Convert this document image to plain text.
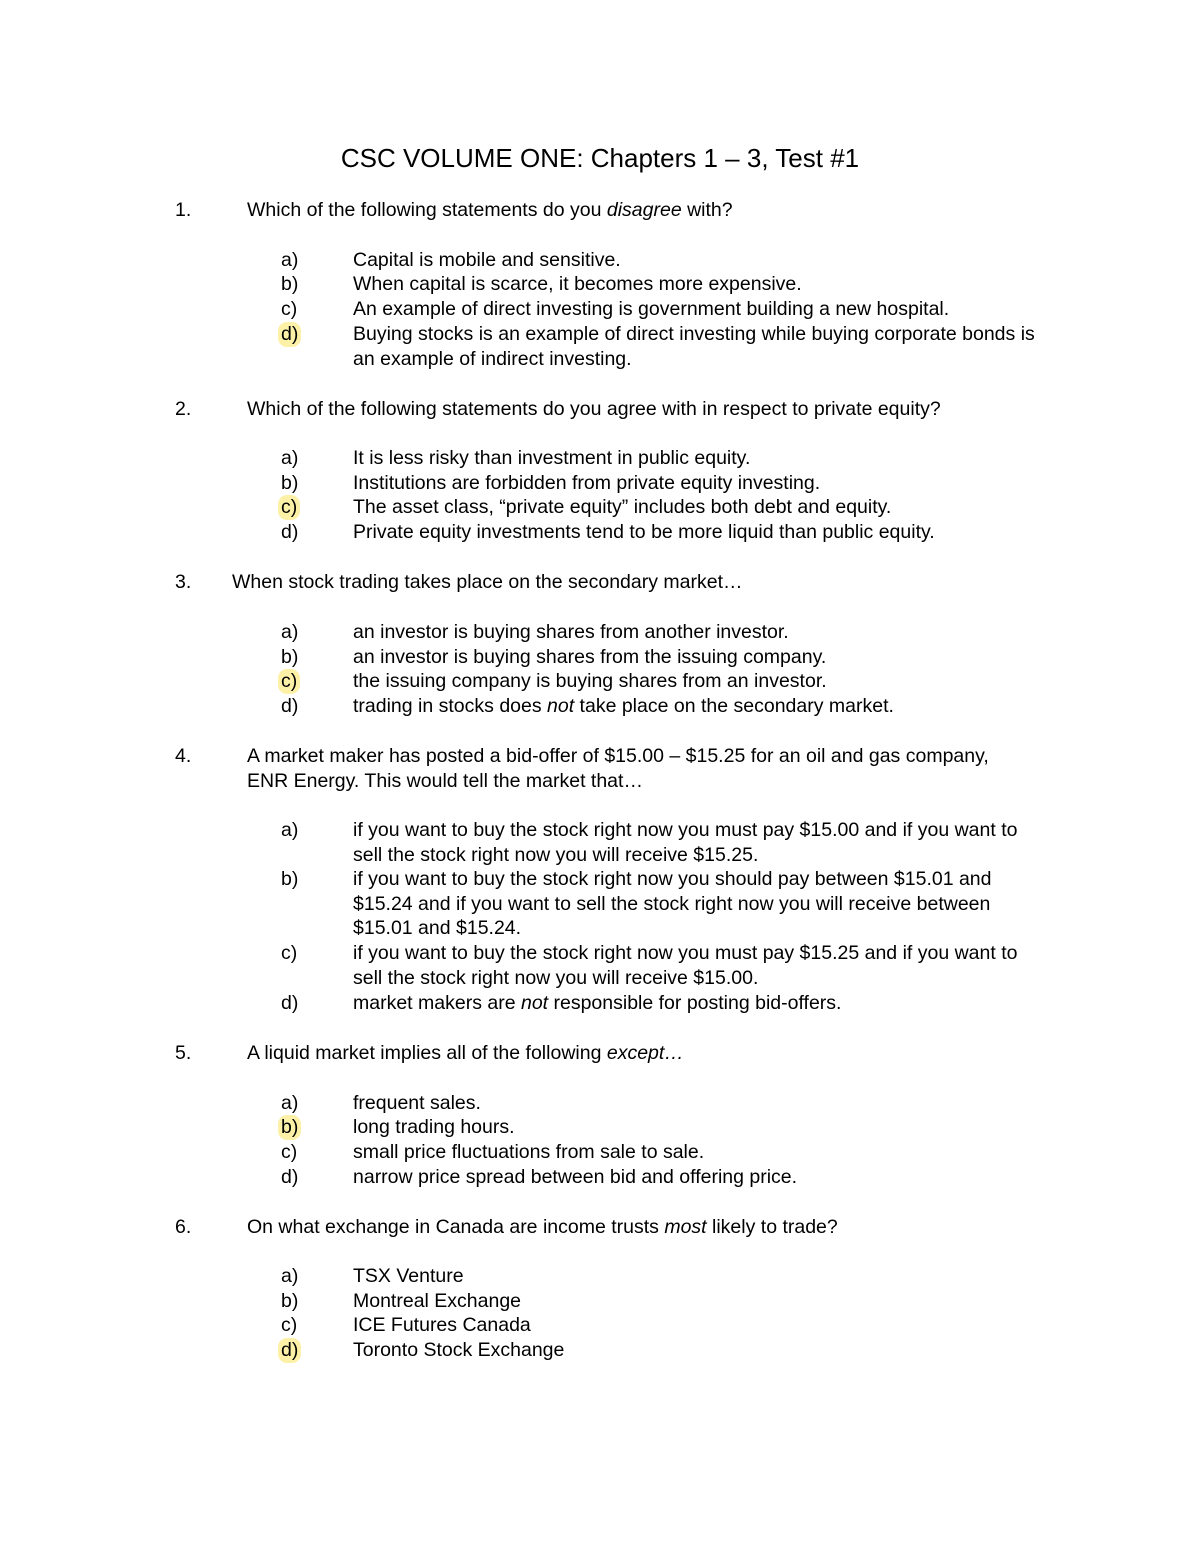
CSC VOLUME ONE: Chapters 1 – 3, Test #1
1.	Which of the following statements do you disagree with?
a)	Capital is mobile and sensitive.
b)	When capital is scarce, it becomes more expensive.
c)	An example of direct investing is government building a new hospital.
d)	Buying stocks is an example of direct investing while buying corporate bonds is an example of indirect investing.
2.	Which of the following statements do you agree with in respect to private equity?
a)	It is less risky than investment in public equity.
b)	Institutions are forbidden from private equity investing.
c)	The asset class, “private equity” includes both debt and equity.
d)	Private equity investments tend to be more liquid than public equity.
3. When stock trading takes place on the secondary market…
a)	an investor is buying shares from another investor.
b)	an investor is buying shares from the issuing company.
c)	the issuing company is buying shares from an investor.
d)	trading in stocks does not take place on the secondary market.
4.	A market maker has posted a bid-offer of $15.00 – $15.25 for an oil and gas company, ENR Energy. This would tell the market that…
a)	if you want to buy the stock right now you must pay $15.00 and if you want to sell the stock right now you will receive $15.25.
b)	if you want to buy the stock right now you should pay between $15.01 and $15.24 and if you want to sell the stock right now you will receive between $15.01 and $15.24.
c)	if you want to buy the stock right now you must pay $15.25 and if you want to sell the stock right now you will receive $15.00.
d)	market makers are not responsible for posting bid-offers.
5.	A liquid market implies all of the following except…
a)	frequent sales.
b)	long trading hours.
c)	small price fluctuations from sale to sale.
d)	narrow price spread between bid and offering price.
6.	On what exchange in Canada are income trusts most likely to trade?
a)	TSX Venture
b)	Montreal Exchange
c)	ICE Futures Canada
d)	Toronto Stock Exchange
